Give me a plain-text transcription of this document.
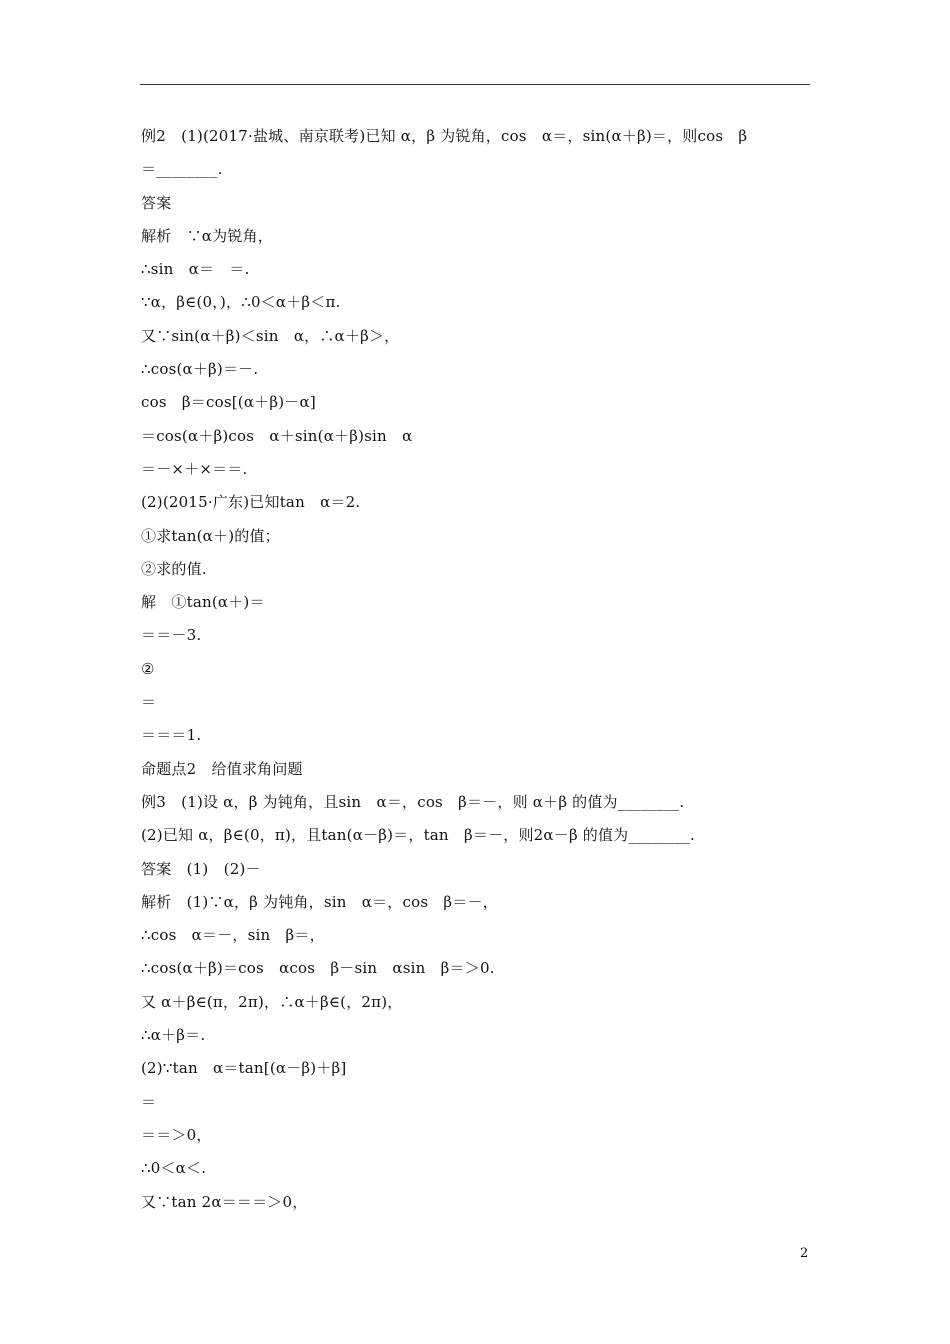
例2　(1)(2017·盐城、南京联考)已知 α，β 为锐角，cos　α＝，sin(α＋β)＝，则cos　β
＝________.
答案
解析　∵α为锐角，
∴sin　α＝　＝.
∵α，β∈(0，)，∴0＜α＋β＜π.
又∵sin(α＋β)＜sin　α，∴α＋β＞，
∴cos(α＋β)＝－.
cos　β＝cos[(α＋β)－α]
＝cos(α＋β)cos　α＋sin(α＋β)sin　α
＝－×＋×＝＝.
(2)(2015·广东)已知tan　α＝2.
①求tan(α＋)的值；
②求的值.
解　①tan(α＋)＝
＝＝－3.
②
＝
＝＝＝1.
命题点2　给值求角问题
例3　(1)设 α，β 为钝角，且sin　α＝，cos　β＝－，则 α＋β 的值为________.
(2)已知 α，β∈(0，π)，且tan(α－β)＝，tan　β＝－，则2α－β 的值为________.
答案　(1)　(2)－
解析　(1)∵α，β 为钝角，sin　α＝，cos　β＝－，
∴cos　α＝－，sin　β＝，
∴cos(α＋β)＝cos　αcos　β－sin　αsin　β＝＞0.
又 α＋β∈(π，2π)，∴α＋β∈(，2π)，
∴α＋β＝.
(2)∵tan　α＝tan[(α－β)＋β]
＝
＝＝＞0，
∴0＜α＜.
又∵tan 2α＝＝＝＞0，
2
